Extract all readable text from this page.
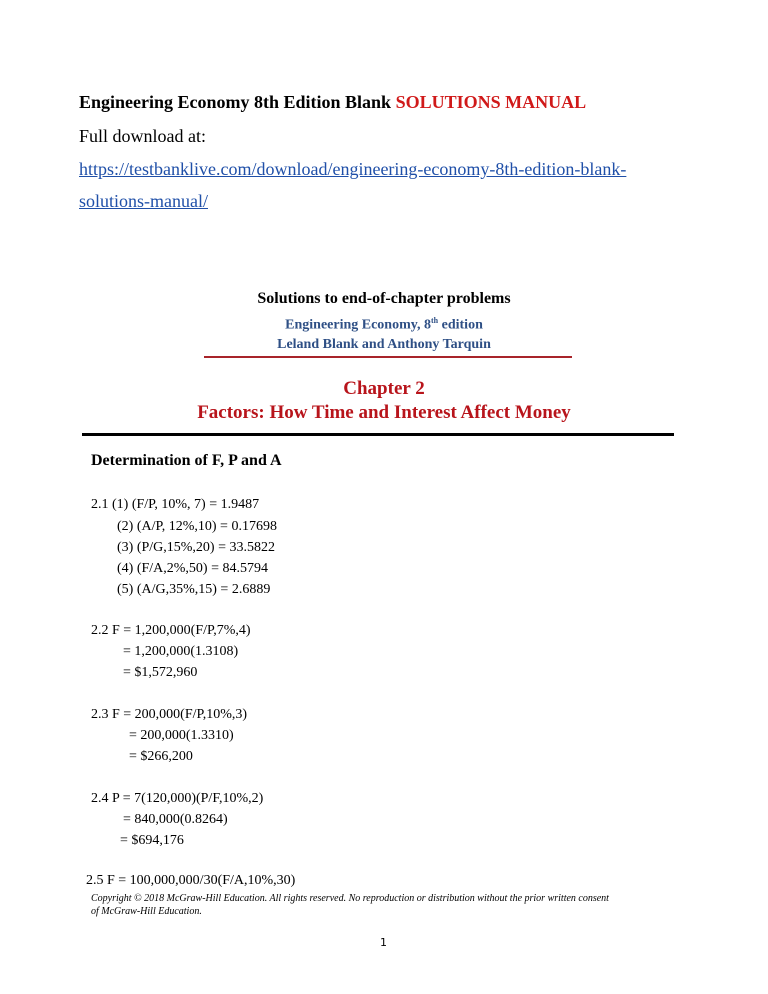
Engineering Economy 8th Edition Blank SOLUTIONS MANUAL
Full download at:
https://testbanklive.com/download/engineering-economy-8th-edition-blank-
solutions-manual/
Solutions to end-of-chapter problems
Engineering Economy, 8th edition
Leland Blank and Anthony Tarquin
Chapter 2
Factors: How Time and Interest Affect Money
Determination of F, P and A
2.1 (1) (F/P, 10%, 7) = 1.9487
(2) (A/P, 12%,10) = 0.17698
(3) (P/G,15%,20) = 33.5822
(4) (F/A,2%,50) = 84.5794
(5) (A/G,35%,15) = 2.6889
2.2 F = 1,200,000(F/P,7%,4)
= 1,200,000(1.3108)
= $1,572,960
2.3 F = 200,000(F/P,10%,3)
= 200,000(1.3310)
= $266,200
2.4 P = 7(120,000)(P/F,10%,2)
= 840,000(0.8264)
= $694,176
2.5 F = 100,000,000/30(F/A,10%,30)
Copyright © 2018 McGraw-Hill Education. All rights reserved. No reproduction or distribution without the prior written consent
of McGraw-Hill Education.
1
